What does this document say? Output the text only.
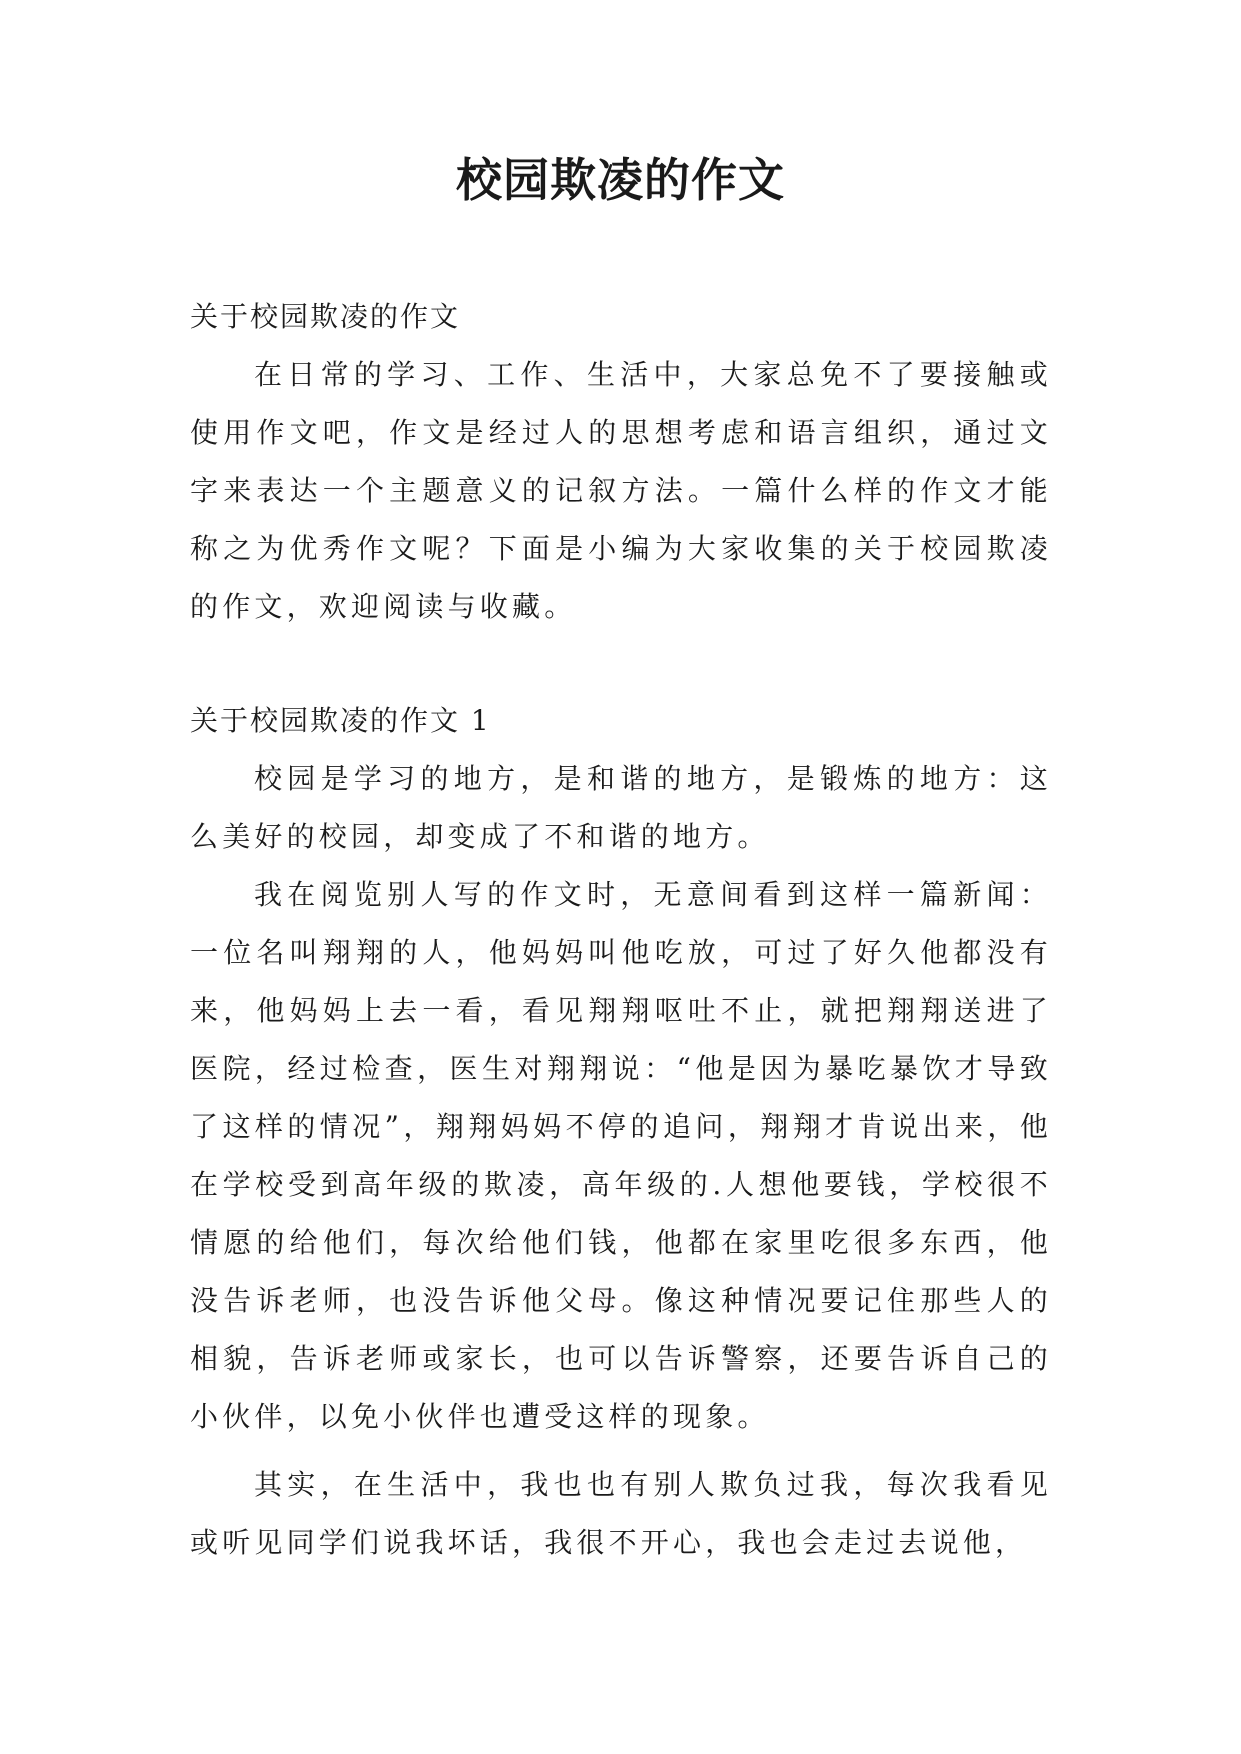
校园欺凌的作文

关于校园欺凌的作文

在日常的学习、工作、生活中，大家总免不了要接触或使用作文吧，作文是经过人的思想考虑和语言组织，通过文字来表达一个主题意义的记叙方法。一篇什么样的作文才能称之为优秀作文呢？下面是小编为大家收集的关于校园欺凌的作文，欢迎阅读与收藏。

关于校园欺凌的作文 1

校园是学习的地方，是和谐的地方，是锻炼的地方：这么美好的校园，却变成了不和谐的地方。

我在阅览别人写的作文时，无意间看到这样一篇新闻：一位名叫翔翔的人，他妈妈叫他吃放，可过了好久他都没有来，他妈妈上去一看，看见翔翔呕吐不止，就把翔翔送进了医院，经过检查，医生对翔翔说：“他是因为暴吃暴饮才导致了这样的情况”，翔翔妈妈不停的追问，翔翔才肯说出来，他在学校受到高年级的欺凌，高年级的.人想他要钱，学校很不情愿的给他们，每次给他们钱，他都在家里吃很多东西，他没告诉老师，也没告诉他父母。像这种情况要记住那些人的相貌，告诉老师或家长，也可以告诉警察，还要告诉自己的小伙伴，以免小伙伴也遭受这样的现象。

其实，在生活中，我也也有别人欺负过我，每次我看见或听见同学们说我坏话，我很不开心，我也会走过去说他，
